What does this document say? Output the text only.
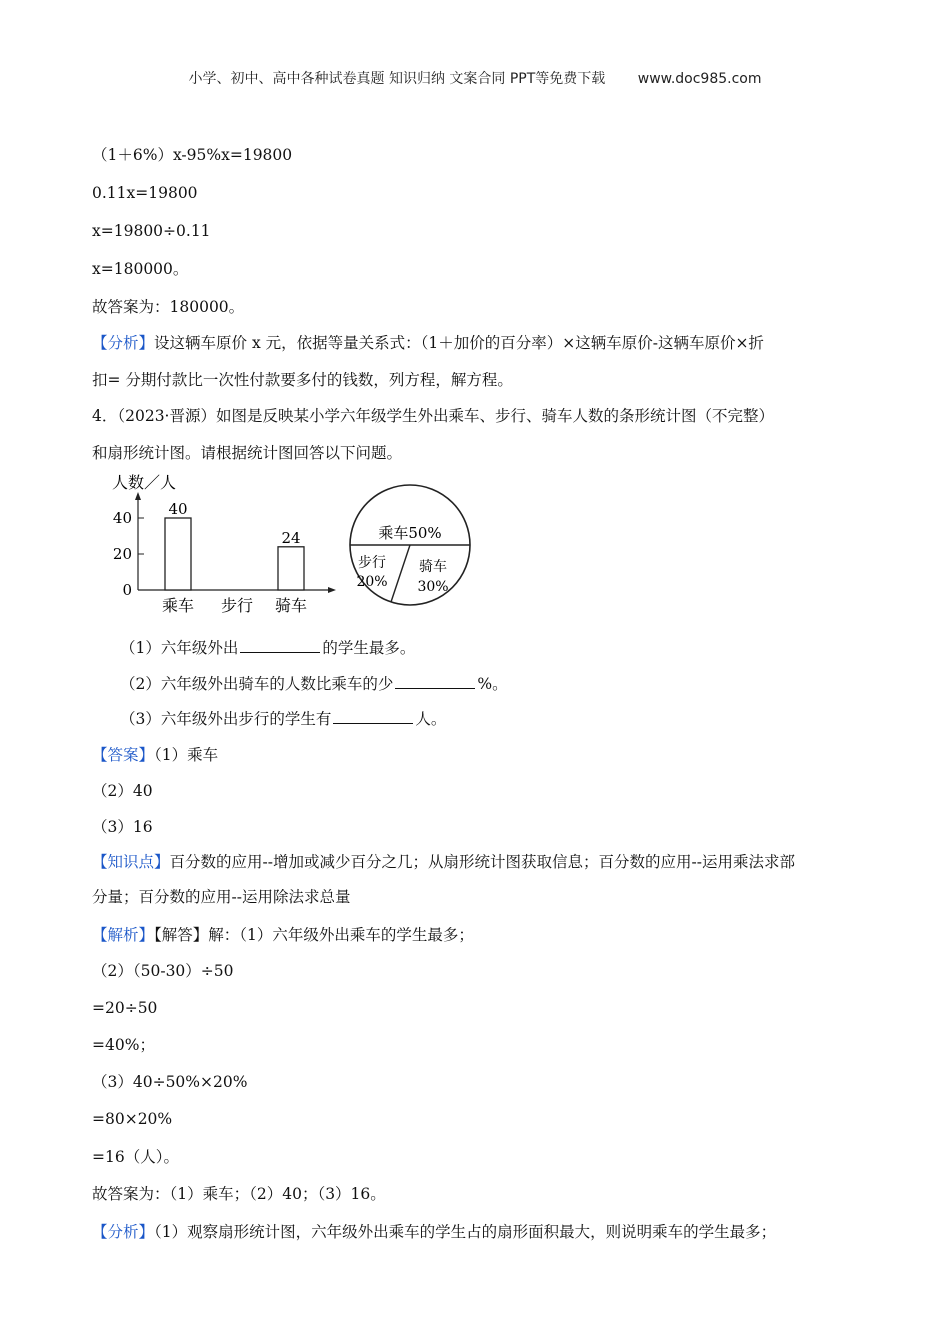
小学、初中、高中各种试卷真题 知识归纳 文案合同 PPT等免费下载 www.doc985.com
（1＋6%）x-95%x=19800
0.11x=19800
x=19800÷0.11
x=180000。
故答案为：180000。
【分析】设这辆车原价 x 元，依据等量关系式：（1＋加价的百分率）×这辆车原价-这辆车原价×折
扣= 分期付款比一次性付款要多付的钱数，列方程，解方程。
4．（2023·晋源）如图是反映某小学六年级学生外出乘车、步行、骑车人数的条形统计图（不完整）
和扇形统计图。请根据统计图回答以下问题。
人数／人
0
20
40 40
24
乘车 步行 骑车
乘车50%
步行
20%
骑车
30%
（1）六年级外出	的学生最多。
（2）六年级外出骑车的人数比乘车的少	%。
（3）六年级外出步行的学生有	人。
【答案】（1）乘车
（2）40
（3）16
【知识点】百分数的应用--增加或减少百分之几；从扇形统计图获取信息；百分数的应用--运用乘法求部
分量；百分数的应用--运用除法求总量
【解析】【解答】解：（1）六年级外出乘车的学生最多；
（2）（50-30）÷50
=20÷50
=40%；
（3）40÷50%×20%
=80×20%
=16（人）。
故答案为：（1）乘车；（2）40；（3）16。
【分析】（1）观察扇形统计图，六年级外出乘车的学生占的扇形面积最大，则说明乘车的学生最多；
